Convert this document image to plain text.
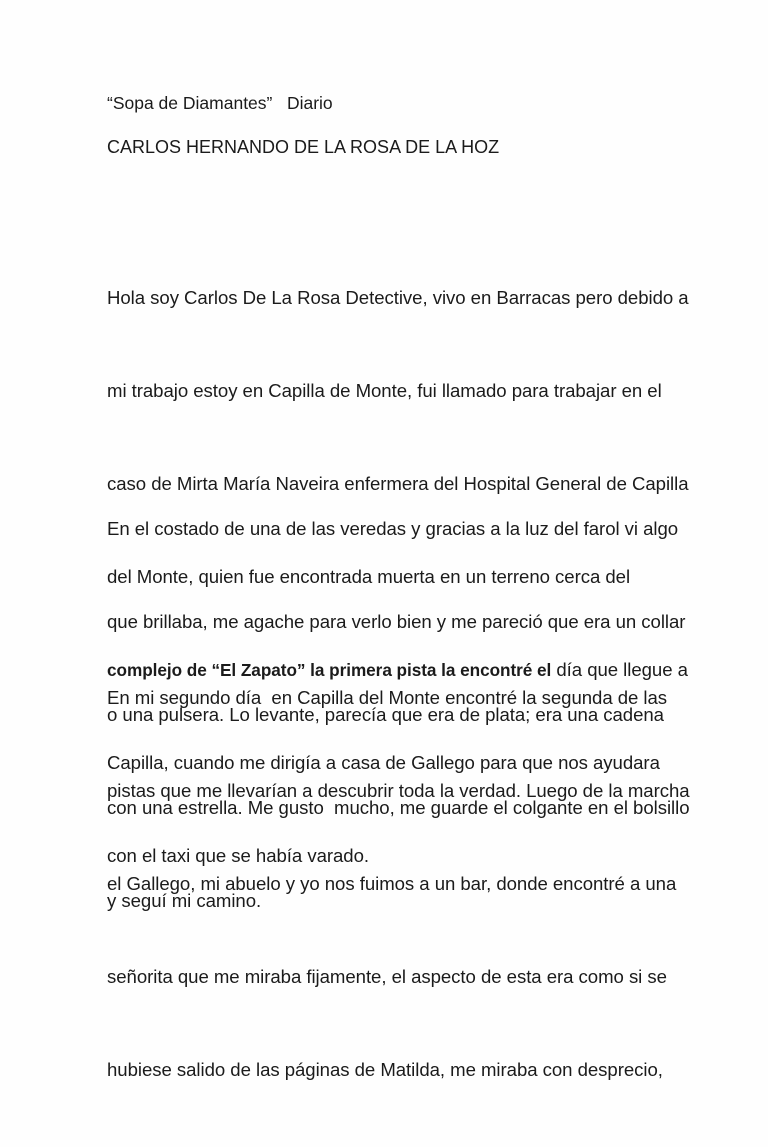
“Sopa de Diamantes”   Diario
CARLOS HERNANDO DE LA ROSA DE LA HOZ

Hola soy Carlos De La Rosa Detective, vivo en Barracas pero debido a

mi trabajo estoy en Capilla de Monte, fui llamado para trabajar en el

caso de Mirta María Naveira enfermera del Hospital General de Capilla

del Monte, quien fue encontrada muerta en un terreno cerca del

complejo de “El Zapato” la primera pista la encontré el día que llegue a

Capilla, cuando me dirigía a casa de Gallego para que nos ayudara

con el taxi que se había varado.

En el costado de una de las veredas y gracias a la luz del farol vi algo

que brillaba, me agache para verlo bien y me pareció que era un collar

o una pulsera. Lo levante, parecía que era de plata; era una cadena

con una estrella. Me gusto  mucho, me guarde el colgante en el bolsillo

y seguí mi camino.

En mi segundo día  en Capilla del Monte encontré la segunda de las

pistas que me llevarían a descubrir toda la verdad. Luego de la marcha

el Gallego, mi abuelo y yo nos fuimos a un bar, donde encontré a una

señorita que me miraba fijamente, el aspecto de esta era como si se

hubiese salido de las páginas de Matilda, me miraba con desprecio,
